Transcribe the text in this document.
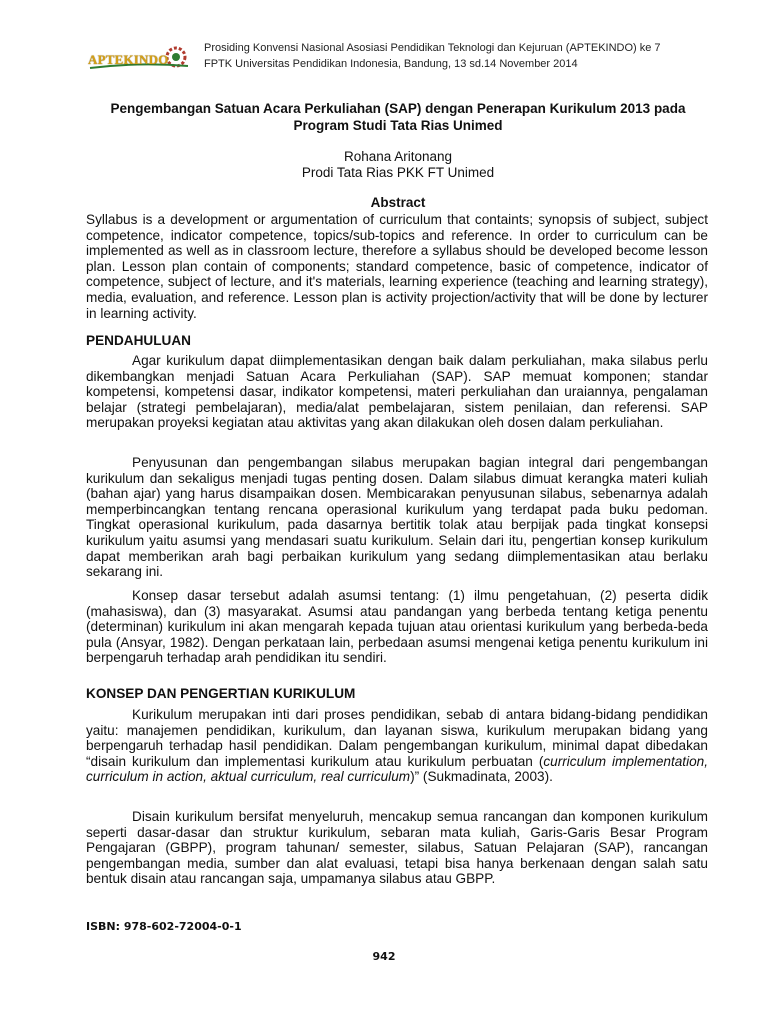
APTEKINDO
Prosiding Konvensi Nasional Asosiasi Pendidikan Teknologi dan Kejuruan (APTEKINDO) ke 7
FPTK Universitas Pendidikan Indonesia, Bandung, 13 sd.14 November 2014
Pengembangan Satuan Acara Perkuliahan (SAP) dengan Penerapan Kurikulum 2013 pada Program Studi Tata Rias Unimed
Rohana Aritonang
Prodi Tata Rias PKK FT Unimed
Abstract
Syllabus is a development or argumentation of curriculum that containts; synopsis of subject, subject competence, indicator competence, topics/sub-topics and reference. In order to curriculum can be implemented as well as in classroom lecture, therefore a syllabus should be developed become lesson plan. Lesson plan contain of components; standard competence, basic of competence, indicator of competence, subject of lecture, and it's materials, learning experience (teaching and learning strategy), media, evaluation, and reference. Lesson plan is activity projection/activity that will be done by lecturer in learning activity.
PENDAHULUAN
Agar kurikulum dapat diimplementasikan dengan baik dalam perkuliahan, maka silabus perlu dikembangkan menjadi Satuan Acara Perkuliahan (SAP). SAP memuat komponen; standar kompetensi, kompetensi dasar, indikator kompetensi, materi perkuliahan dan uraiannya, pengalaman belajar (strategi pembelajaran), media/alat pembelajaran, sistem penilaian, dan referensi. SAP merupakan proyeksi kegiatan atau aktivitas yang akan dilakukan oleh dosen dalam perkuliahan.
Penyusunan dan pengembangan silabus merupakan bagian integral dari pengembangan kurikulum dan sekaligus menjadi tugas penting dosen. Dalam silabus dimuat kerangka materi kuliah (bahan ajar) yang harus disampaikan dosen. Membicarakan penyusunan silabus, sebenarnya adalah memperbincangkan tentang rencana operasional kurikulum yang terdapat pada buku pedoman. Tingkat operasional kurikulum, pada dasarnya bertitik tolak atau berpijak pada tingkat konsepsi kurikulum yaitu asumsi yang mendasari suatu kurikulum. Selain dari itu, pengertian konsep kurikulum dapat memberikan arah bagi perbaikan kurikulum yang sedang diimplementasikan atau berlaku sekarang ini.
Konsep dasar tersebut adalah asumsi tentang: (1) ilmu pengetahuan, (2) peserta didik (mahasiswa), dan (3) masyarakat. Asumsi atau pandangan yang berbeda tentang ketiga penentu (determinan) kurikulum ini akan mengarah kepada tujuan atau orientasi kurikulum yang berbeda-beda pula (Ansyar, 1982). Dengan perkataan lain, perbedaan asumsi mengenai ketiga penentu kurikulum ini berpengaruh terhadap arah pendidikan itu sendiri.
KONSEP DAN PENGERTIAN KURIKULUM
Kurikulum merupakan inti dari proses pendidikan, sebab di antara bidang-bidang pendidikan yaitu: manajemen pendidikan, kurikulum, dan layanan siswa, kurikulum merupakan bidang yang berpengaruh terhadap hasil pendidikan. Dalam pengembangan kurikulum, minimal dapat dibedakan “disain kurikulum dan implementasi kurikulum atau kurikulum perbuatan (curriculum implementation, curriculum in action, aktual curriculum, real curriculum)” (Sukmadinata, 2003).
Disain kurikulum bersifat menyeluruh, mencakup semua rancangan dan komponen kurikulum seperti dasar-dasar dan struktur kurikulum, sebaran mata kuliah, Garis-Garis Besar Program Pengajaran (GBPP), program tahunan/ semester, silabus, Satuan Pelajaran (SAP), rancangan pengembangan media, sumber dan alat evaluasi, tetapi bisa hanya berkenaan dengan salah satu bentuk disain atau rancangan saja, umpamanya silabus atau GBPP.
ISBN: 978-602-72004-0-1
942
